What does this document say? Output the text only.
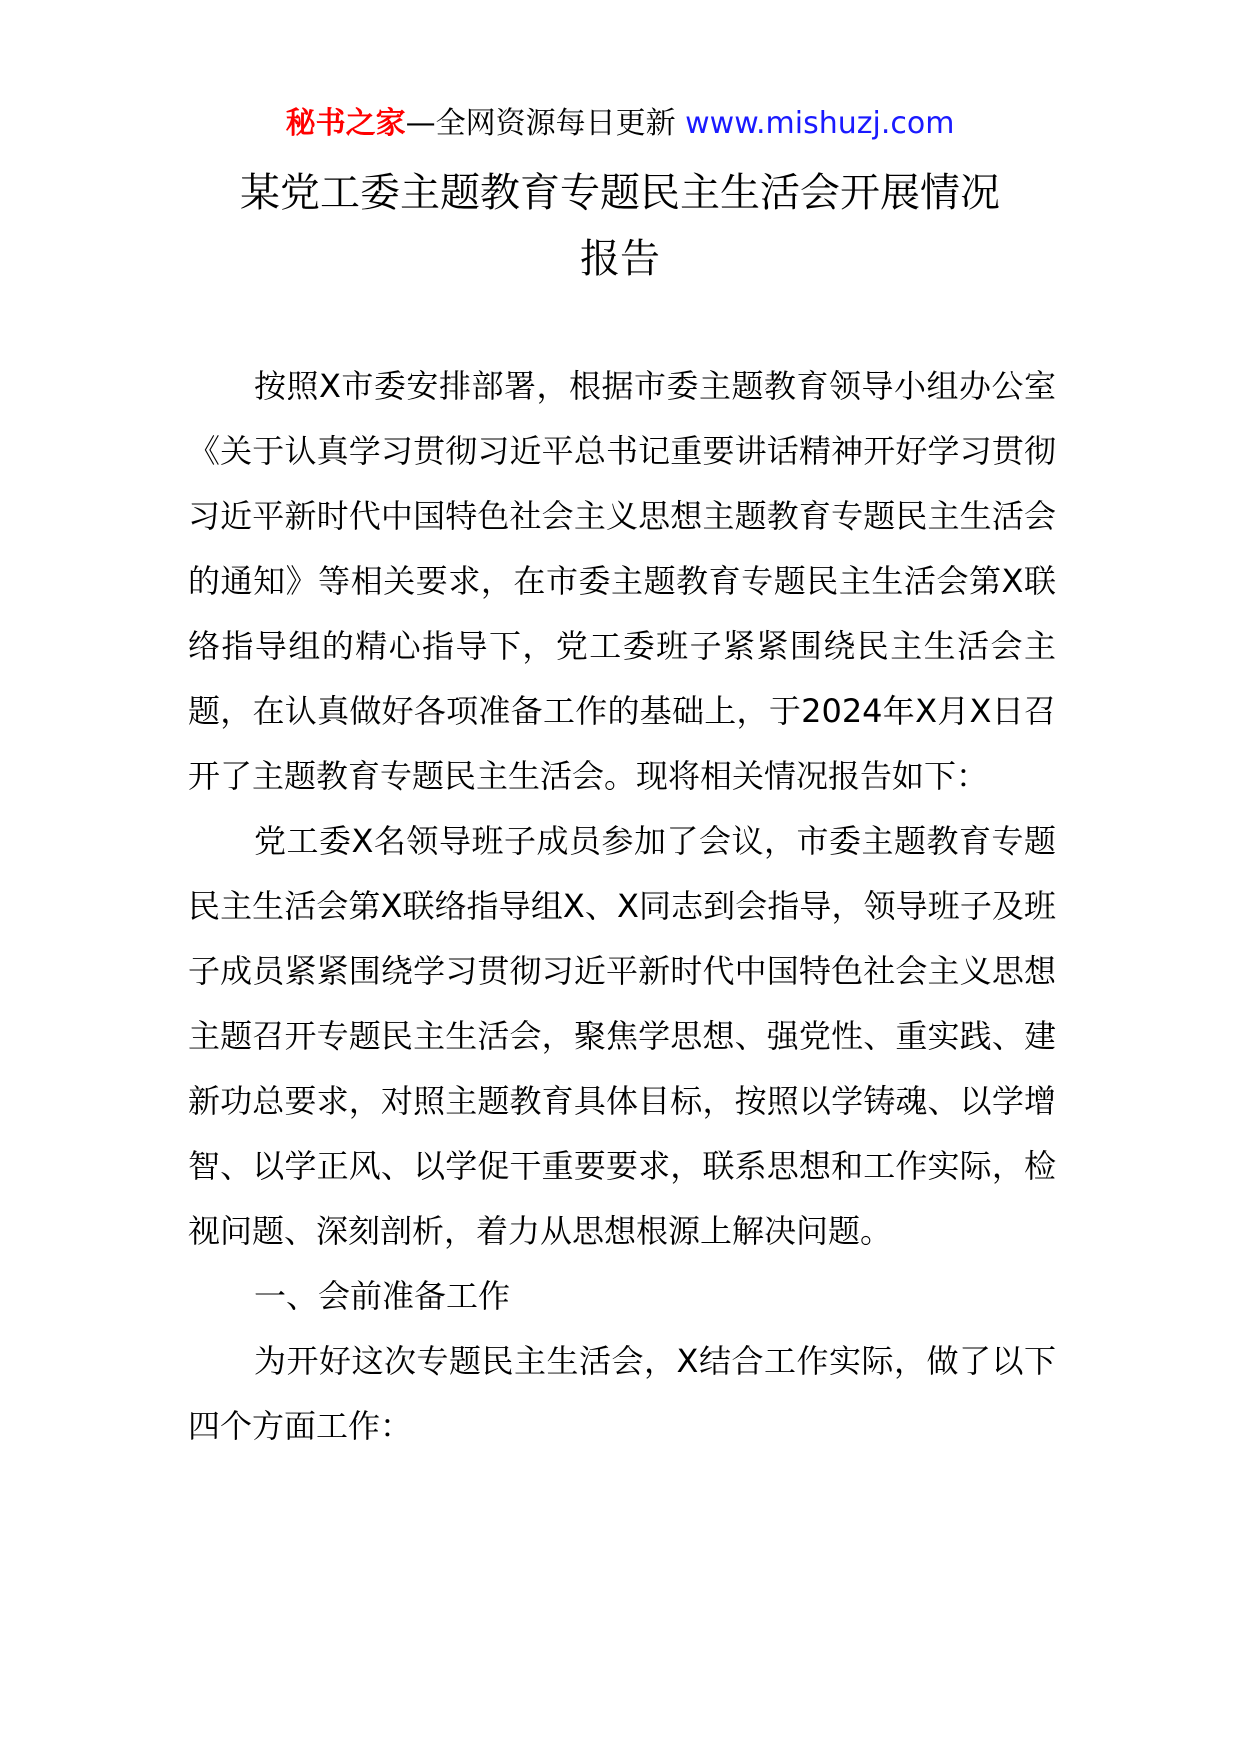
秘书之家—全网资源每日更新 www.mishuzj.com
某党工委主题教育专题民主生活会开展情况
报告

按照X市委安排部署，根据市委主题教育领导小组办公室《关于认真学习贯彻习近平总书记重要讲话精神开好学习贯彻习近平新时代中国特色社会主义思想主题教育专题民主生活会的通知》等相关要求，在市委主题教育专题民主生活会第X联络指导组的精心指导下，党工委班子紧紧围绕民主生活会主题，在认真做好各项准备工作的基础上，于2024年X月X日召开了主题教育专题民主生活会。现将相关情况报告如下：

党工委X名领导班子成员参加了会议，市委主题教育专题民主生活会第X联络指导组X、X同志到会指导，领导班子及班子成员紧紧围绕学习贯彻习近平新时代中国特色社会主义思想主题召开专题民主生活会，聚焦学思想、强党性、重实践、建新功总要求，对照主题教育具体目标，按照以学铸魂、以学增智、以学正风、以学促干重要要求，联系思想和工作实际，检视问题、深刻剖析，着力从思想根源上解决问题。

一、会前准备工作

为开好这次专题民主生活会，X结合工作实际，做了以下四个方面工作：
